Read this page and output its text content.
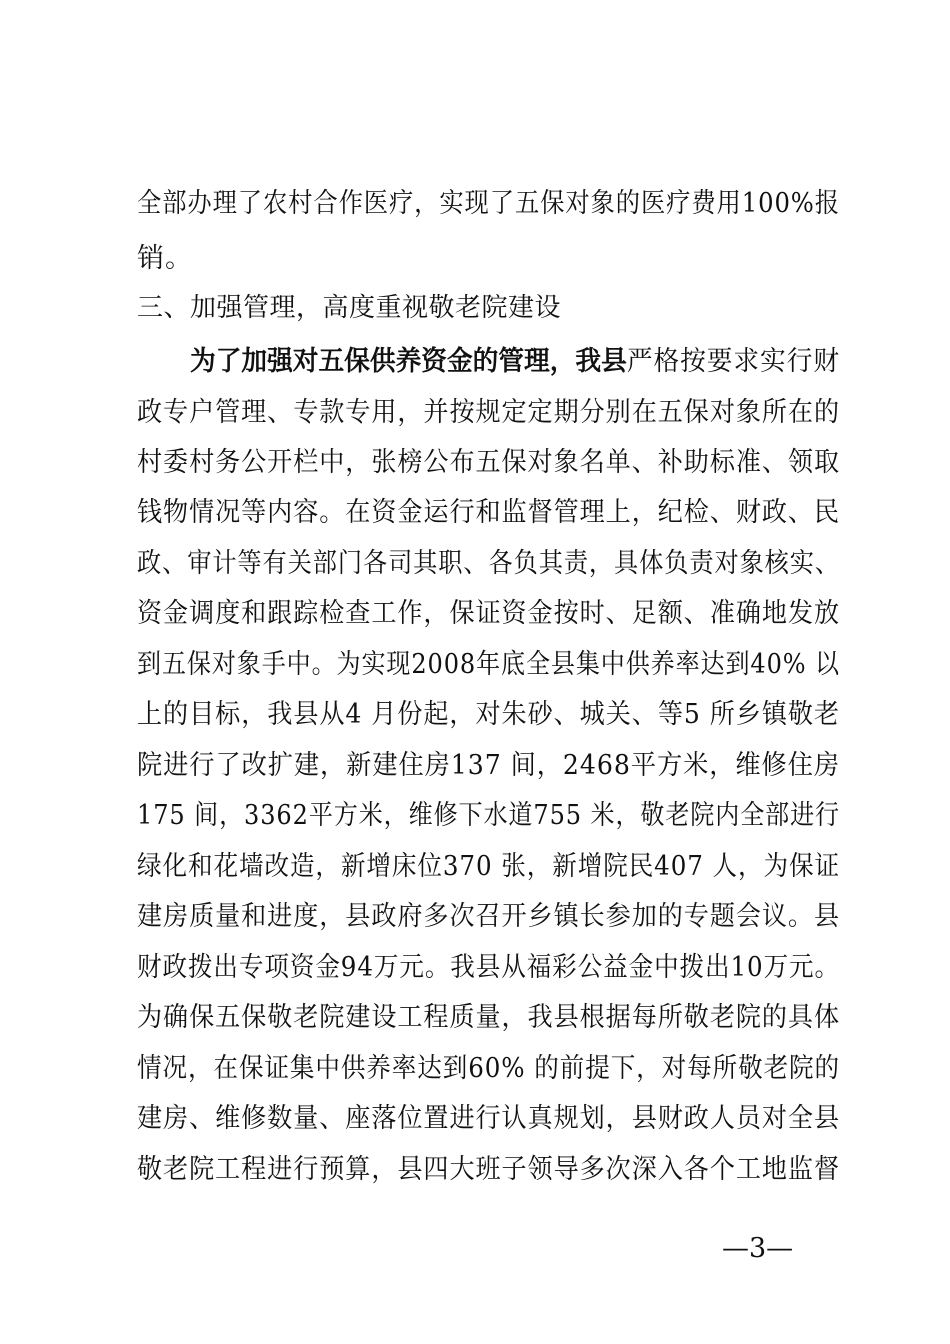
全部办理了农村合作医疗，实现了五保对象的医疗费用100%报
销。
三、加强管理，高度重视敬老院建设
为了加强对五保供养资金的管理，我县严格按要求实行财
政专户管理、专款专用，并按规定定期分别在五保对象所在的
村委村务公开栏中，张榜公布五保对象名单、补助标准、领取
钱物情况等内容。在资金运行和监督管理上，纪检、财政、民
政、审计等有关部门各司其职、各负其责，具体负责对象核实、
资金调度和跟踪检查工作，保证资金按时、足额、准确地发放
到五保对象手中。为实现2008年底全县集中供养率达到40% 以
上的目标，我县从4 月份起，对朱砂、城关、等5 所乡镇敬老
院进行了改扩建，新建住房137 间，2468平方米，维修住房
175 间，3362平方米，维修下水道755 米，敬老院内全部进行
绿化和花墙改造，新增床位370 张，新增院民407 人，为保证
建房质量和进度，县政府多次召开乡镇长参加的专题会议。县
财政拨出专项资金94万元。我县从福彩公益金中拨出10万元。
为确保五保敬老院建设工程质量，我县根据每所敬老院的具体
情况，在保证集中供养率达到60% 的前提下，对每所敬老院的
建房、维修数量、座落位置进行认真规划，县财政人员对全县
敬老院工程进行预算，县四大班子领导多次深入各个工地监督
—3—
